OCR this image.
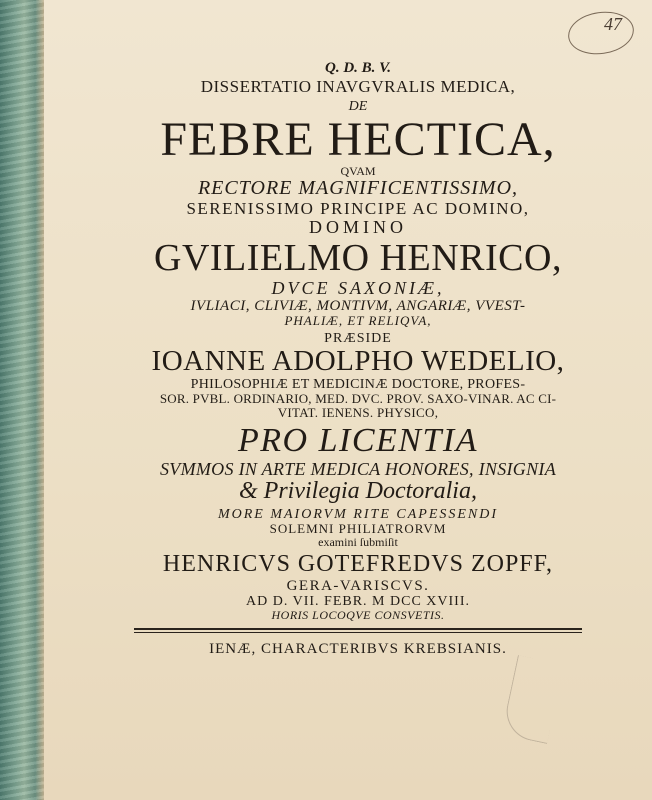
47
Q. D. B. V.
DISSERTATIO INAVGVRALIS MEDICA,
DE
FEBRE HECTICA,
QVAM
RECTORE MAGNIFICENTISSIMO,
SERENISSIMO PRINCIPE AC DOMINO,
DOMINO
GVILIELMO HENRICO,
DVCE SAXONIÆ,
IVLIACI, CLIVIÆ, MONTIVM, ANGARIÆ, VVEST-
PHALIÆ, ET RELIQVA,
PRÆSIDE
IOANNE ADOLPHO WEDELIO,
PHILOSOPHIÆ ET MEDICINÆ DOCTORE, PROFES-
SOR. PVBL. ORDINARIO, MED. DVC. PROV. SAXO-VINAR. AC CI-
VITAT. IENENS. PHYSICO,
PRO LICENTIA
SVMMOS IN ARTE MEDICA HONORES, INSIGNIA
& Privilegia Doctoralia,
MORE MAIORVM RITE CAPESSENDI
SOLEMNI PHILIATRORVM
examini ſubmiſit
HENRICVS GOTEFREDVS ZOPFF,
GERA-VARISCVS.
AD D. VII. FEBR. M DCC XVIII.
HORIS LOCOQVE CONSVETIS.
IENÆ, CHARACTERIBVS KREBSIANIS.
